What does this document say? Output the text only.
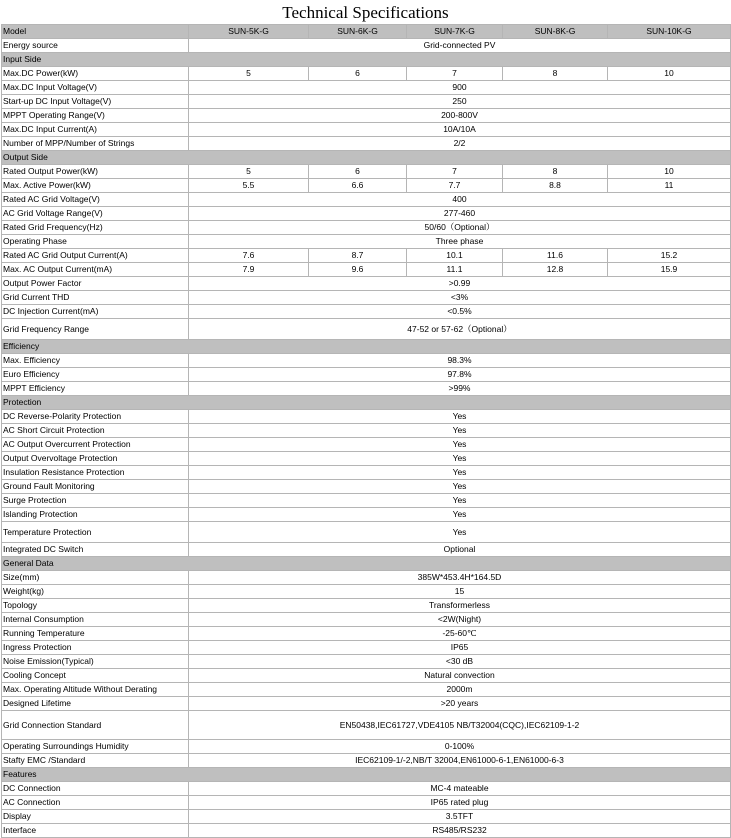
Technical Specifications
Model	SUN-5K-G	SUN-6K-G	SUN-7K-G	SUN-8K-G	SUN-10K-G
Energy source	Grid-connected PV				
Input Side					
Max.DC Power(kW)	5	6	7	8	10
Max.DC Input Voltage(V)	900				
Start-up DC Input Voltage(V)	250				
MPPT Operating Range(V)	200-800V				
Max.DC Input Current(A)	10A/10A				
Number of MPP/Number of Strings	2/2				
Output Side					
Rated Output Power(kW)	5	6	7	8	10
Max. Active Power(kW)	5.5	6.6	7.7	8.8	11
Rated AC Grid Voltage(V)	400				
AC Grid Voltage Range(V)	277-460				
Rated Grid Frequency(Hz)	50/60（Optional）				
Operating Phase	Three phase				
Rated AC Grid Output Current(A)	7.6	8.7	10.1	11.6	15.2
Max. AC Output Current(mA)	7.9	9.6	11.1	12.8	15.9
Output Power Factor	>0.99				
Grid Current THD	<3%				
DC Injection Current(mA)	<0.5%				
Grid Frequency Range	47-52 or 57-62（Optional）				
Efficiency					
Max. Efficiency	98.3%				
Euro Efficiency	97.8%				
MPPT Efficiency	>99%				
Protection					
DC Reverse-Polarity Protection	Yes				
AC Short Circuit Protection	Yes				
AC Output Overcurrent Protection	Yes				
Output Overvoltage Protection	Yes				
Insulation Resistance Protection	Yes				
Ground Fault Monitoring	Yes				
Surge Protection	Yes				
Islanding Protection	Yes				
Temperature Protection	Yes				
Integrated DC Switch	Optional				
General Data					
Size(mm)	385W*453.4H*164.5D				
Weight(kg)	15				
Topology	Transformerless				
Internal Consumption	<2W(Night)				
Running Temperature	-25-60℃				
Ingress Protection	IP65				
Noise Emission(Typical)	<30 dB				
Cooling Concept	Natural convection				
Max. Operating Altitude Without Derating	2000m				
Designed Lifetime	>20 years				
Grid Connection Standard	EN50438,IEC61727,VDE4105 NB/T32004(CQC),IEC62109-1-2				
Operating Surroundings Humidity	0-100%				
Stafty EMC /Standard	IEC62109-1/-2,NB/T 32004,EN61000-6-1,EN61000-6-3				
Features					
DC Connection	MC-4 mateable				
AC Connection	IP65 rated plug				
Display	3.5TFT				
Interface	RS485/RS232				
